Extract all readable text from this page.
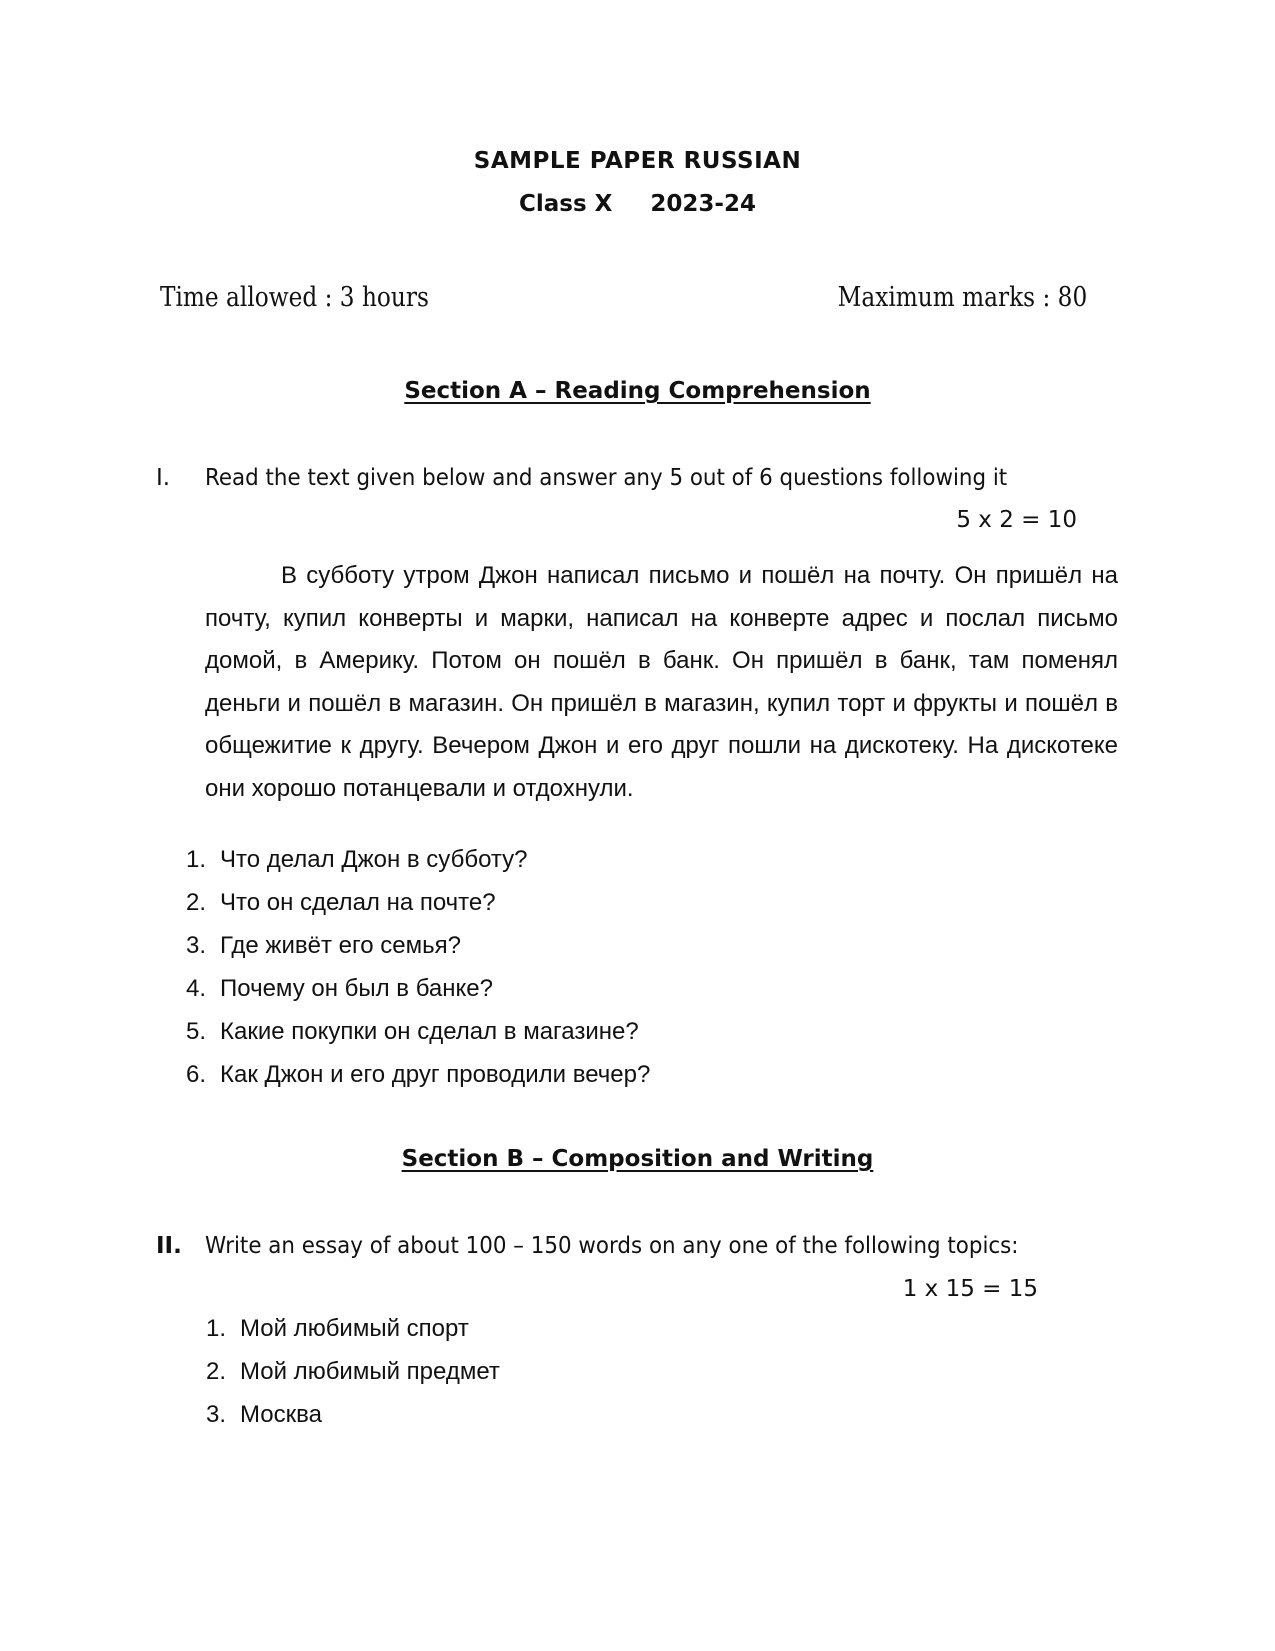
SAMPLE PAPER RUSSIAN
Class X 2023-24
Time allowed : 3 hours	Maximum marks : 80
Section A – Reading Comprehension
I. Read the text given below and answer any 5 out of 6 questions following it
5 x 2 = 10

В субботу утром Джон написал письмо и пошёл на почту. Он пришёл на почту, купил конверты и марки, написал на конверте адрес и послал письмо домой, в Америку. Потом он пошёл в банк. Он пришёл в банк, там поменял деньги и пошёл в магазин. Он пришёл в магазин, купил торт и фрукты и пошёл в общежитие к другу. Вечером Джон и его друг пошли на дискотеку. На дискотеке они хорошо потанцевали и отдохнули.

1. Что делал Джон в субботу?
2. Что он сделал на почте?
3. Где живёт его семья?
4. Почему он был в банке?
5. Какие покупки он сделал в магазине?
6. Как Джон и его друг проводили вечер?
Section B – Composition and Writing
II. Write an essay of about 100 – 150 words on any one of the following topics:
1 x 15 = 15
1. Мой любимый спорт
2. Мой любимый предмет
3. Москва
